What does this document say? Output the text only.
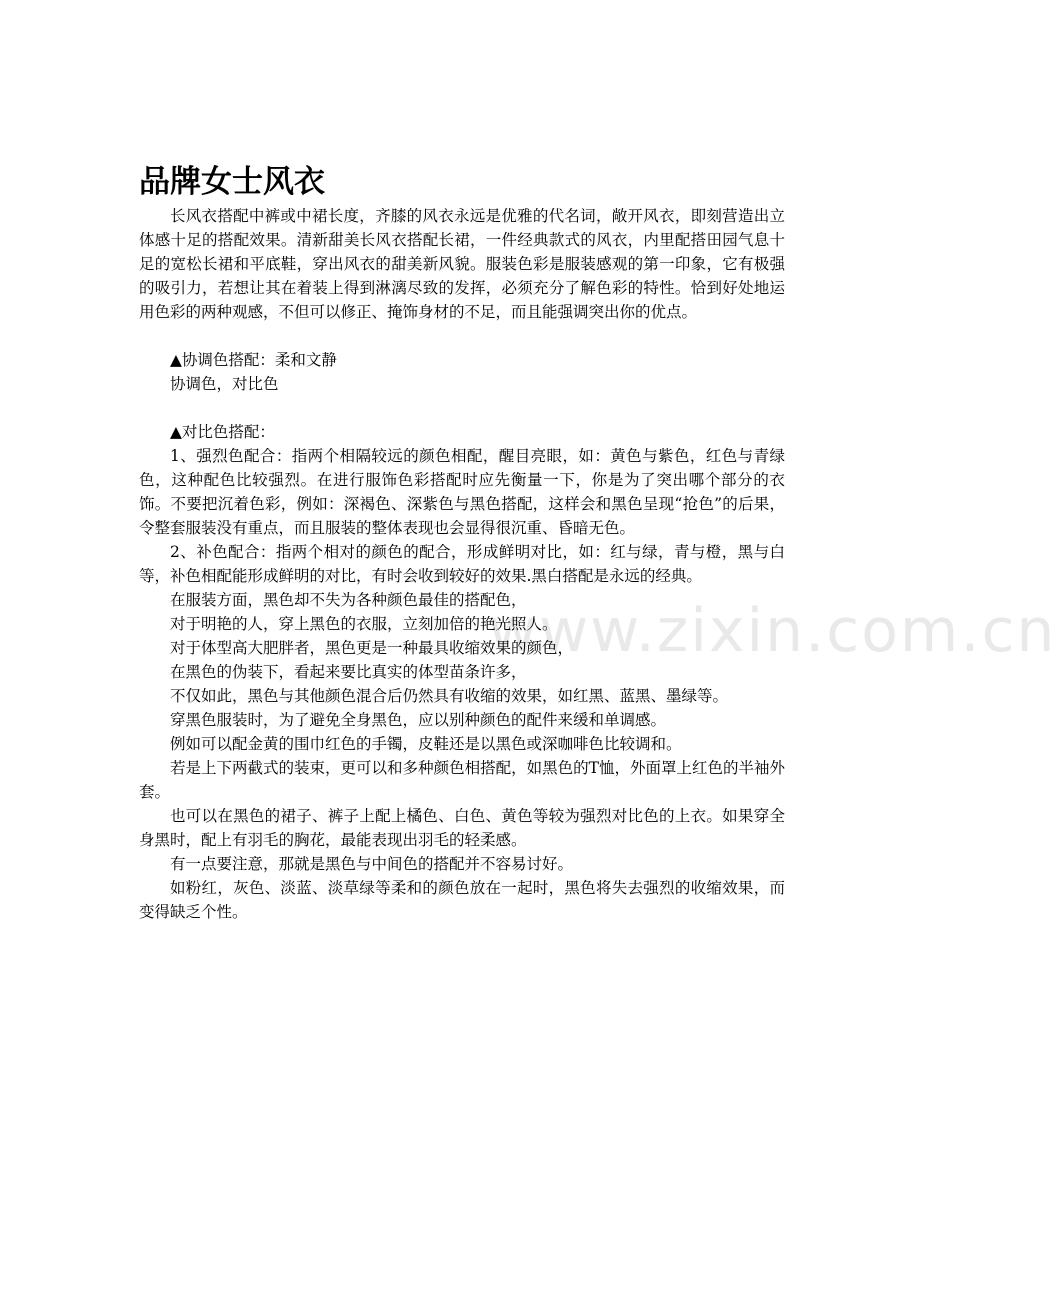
www.zixin.com.cn
品牌女士风衣

长风衣搭配中裤或中裙长度，齐膝的风衣永远是优雅的代名词，敞开风衣，即刻营造出立体感十足的搭配效果。清新甜美长风衣搭配长裙，一件经典款式的风衣，内里配搭田园气息十足的宽松长裙和平底鞋，穿出风衣的甜美新风貌。服装色彩是服装感观的第一印象，它有极强的吸引力，若想让其在着装上得到淋漓尽致的发挥，必须充分了解色彩的特性。恰到好处地运用色彩的两种观感，不但可以修正、掩饰身材的不足，而且能强调突出你的优点。

▲协调色搭配：柔和文静

协调色，对比色

▲对比色搭配：

1、强烈色配合：指两个相隔较远的颜色相配，醒目亮眼，如：黄色与紫色，红色与青绿色，这种配色比较强烈。在进行服饰色彩搭配时应先衡量一下，你是为了突出哪个部分的衣饰。不要把沉着色彩，例如：深褐色、深紫色与黑色搭配，这样会和黑色呈现“抢色”的后果，令整套服装没有重点，而且服装的整体表现也会显得很沉重、昏暗无色。

2、补色配合：指两个相对的颜色的配合，形成鲜明对比，如：红与绿，青与橙，黑与白等，补色相配能形成鲜明的对比，有时会收到较好的效果.黑白搭配是永远的经典。

在服装方面，黑色却不失为各种颜色最佳的搭配色，

对于明艳的人，穿上黑色的衣服，立刻加倍的艳光照人。

对于体型高大肥胖者，黑色更是一种最具收缩效果的颜色，

在黑色的伪装下，看起来要比真实的体型苗条许多，

不仅如此，黑色与其他颜色混合后仍然具有收缩的效果，如红黑、蓝黑、墨绿等。

穿黑色服装时，为了避免全身黑色，应以别种颜色的配件来缓和单调感。

例如可以配金黄的围巾红色的手镯，皮鞋还是以黑色或深咖啡色比较调和。

若是上下两截式的装束，更可以和多种颜色相搭配，如黑色的T恤，外面罩上红色的半袖外套。

也可以在黑色的裙子、裤子上配上橘色、白色、黄色等较为强烈对比色的上衣。如果穿全身黑时，配上有羽毛的胸花，最能表现出羽毛的轻柔感。

有一点要注意，那就是黑色与中间色的搭配并不容易讨好。

如粉红，灰色、淡蓝、淡草绿等柔和的颜色放在一起时，黑色将失去强烈的收缩效果，而变得缺乏个性。
